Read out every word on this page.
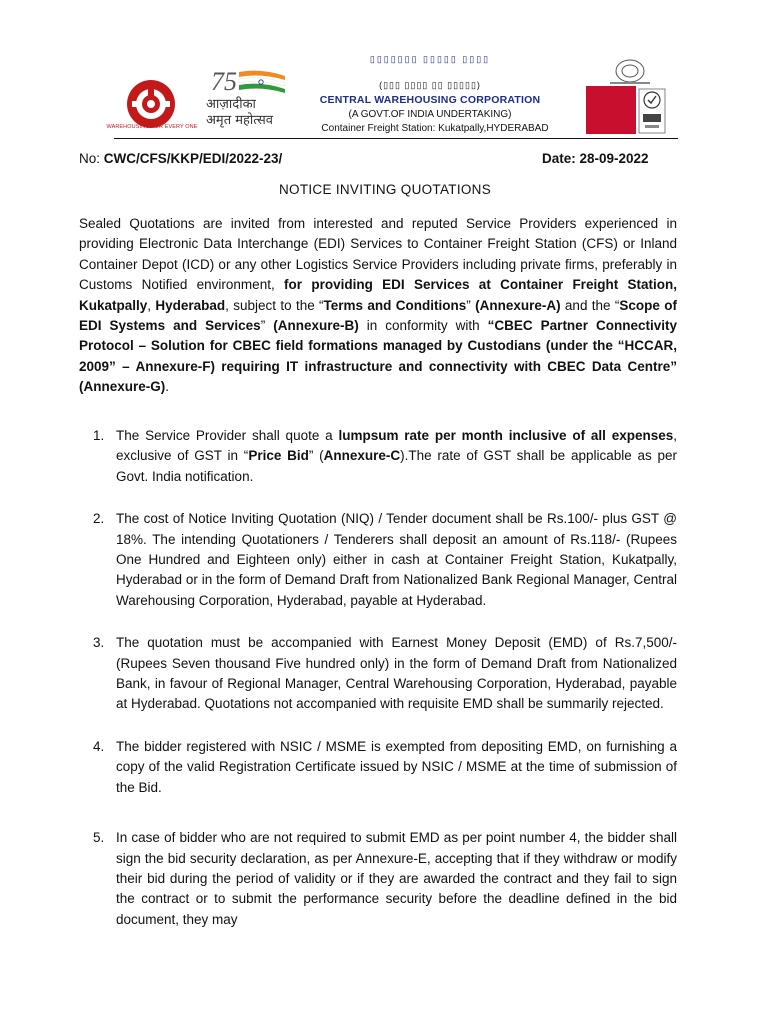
WAREHOUSING FOR EVERY ONE
75
आज़ादीका
अमृत महोत्सव
▯▯▯▯▯▯▯ ▯▯▯▯▯ ▯▯▯▯
(▯▯▯ ▯▯▯▯ ▯▯ ▯▯▯▯▯)
CENTRAL WAREHOUSING CORPORATION
(A GOVT.OF INDIA UNDERTAKING)
Container Freight Station: Kukatpally,HYDERABAD
No: CWC/CFS/KKP/EDI/2022-23/	Date: 28-09-2022
NOTICE INVITING QUOTATIONS
Sealed Quotations are invited from interested and reputed Service Providers experienced in providing Electronic Data Interchange (EDI) Services to Container Freight Station (CFS) or Inland Container Depot (ICD) or any other Logistics Service Providers including private firms, preferably in Customs Notified environment, for providing EDI Services at Container Freight Station, Kukatpally, Hyderabad, subject to the “Terms and Conditions” (Annexure-A) and the “Scope of EDI Systems and Services” (Annexure-B) in conformity with “CBEC Partner Connectivity Protocol – Solution for CBEC field formations managed by Custodians (under the “HCCAR, 2009” – Annexure-F) requiring IT infrastructure and connectivity with CBEC Data Centre” (Annexure-G).
1. The Service Provider shall quote a lumpsum rate per month inclusive of all expenses, exclusive of GST in “Price Bid” (Annexure-C).The rate of GST shall be applicable as per Govt. India notification.
2. The cost of Notice Inviting Quotation (NIQ) / Tender document shall be Rs.100/- plus GST @ 18%. The intending Quotationers / Tenderers shall deposit an amount of Rs.118/- (Rupees One Hundred and Eighteen only) either in cash at Container Freight Station, Kukatpally, Hyderabad or in the form of Demand Draft from Nationalized Bank Regional Manager, Central Warehousing Corporation, Hyderabad, payable at Hyderabad.
3. The quotation must be accompanied with Earnest Money Deposit (EMD) of Rs.7,500/- (Rupees Seven thousand Five hundred only) in the form of Demand Draft from Nationalized Bank, in favour of Regional Manager, Central Warehousing Corporation, Hyderabad, payable at Hyderabad. Quotations not accompanied with requisite EMD shall be summarily rejected.
4. The bidder registered with NSIC / MSME is exempted from depositing EMD, on furnishing a copy of the valid Registration Certificate issued by NSIC / MSME at the time of submission of the Bid.
5. In case of bidder who are not required to submit EMD as per point number 4, the bidder shall sign the bid security declaration, as per Annexure-E, accepting that if they withdraw or modify their bid during the period of validity or if they are awarded the contract and they fail to sign the contract or to submit the performance security before the deadline defined in the bid document, they may
